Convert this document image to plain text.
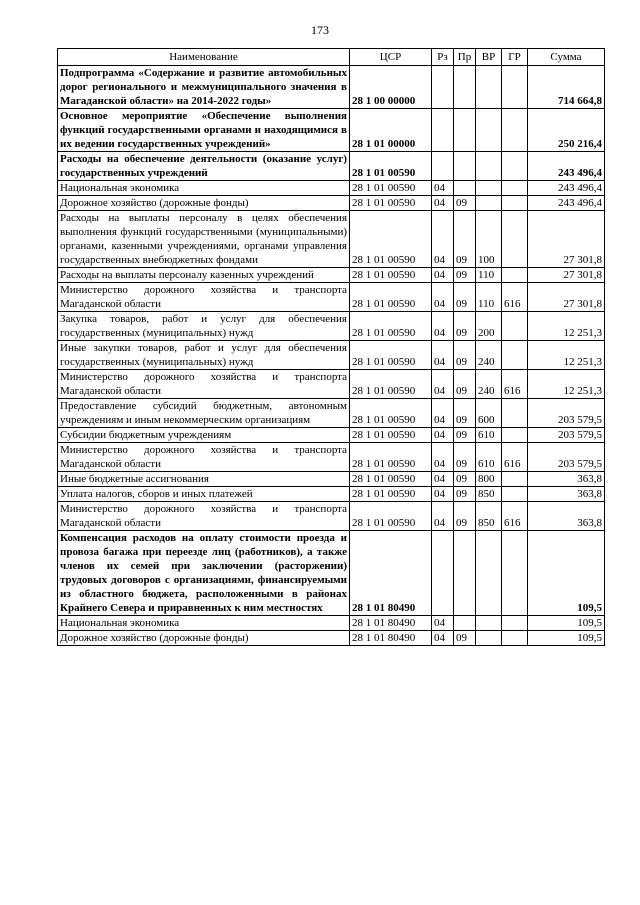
173
Наименование	ЦСР	Рз	Пр	ВР	ГР	Сумма
Подпрограмма «Содержание и развитие автомобильных дорог регионального и межмуниципального значения в Магаданской области» на 2014-2022 годы»	28 1 00 00000					714 664,8
Основное мероприятие «Обеспечение выполнения функций государственными органами и находящимися в их ведении государственных учреждений»	28 1 01 00000					250 216,4
Расходы на обеспечение деятельности (оказание услуг) государственных учреждений	28 1 01 00590					243 496,4
Национальная экономика	28 1 01 00590	04				243 496,4
Дорожное хозяйство (дорожные фонды)	28 1 01 00590	04	09			243 496,4
Расходы на выплаты персоналу в целях обеспечения выполнения функций государственными (муниципальными) органами, казенными учреждениями, органами управления государственных внебюджетных фондами	28 1 01 00590	04	09	100		27 301,8
Расходы на выплаты персоналу казенных учреждений	28 1 01 00590	04	09	110		27 301,8
Министерство дорожного хозяйства и транспорта Магаданской области	28 1 01 00590	04	09	110	616	27 301,8
Закупка товаров, работ и услуг для обеспечения государственных (муниципальных) нужд	28 1 01 00590	04	09	200		12 251,3
Иные закупки товаров, работ и услуг для обеспечения государственных (муниципальных) нужд	28 1 01 00590	04	09	240		12 251,3
Министерство дорожного хозяйства и транспорта Магаданской области	28 1 01 00590	04	09	240	616	12 251,3
Предоставление субсидий бюджетным, автономным учреждениям и иным некоммерческим организациям	28 1 01 00590	04	09	600		203 579,5
Субсидии бюджетным учреждениям	28 1 01 00590	04	09	610		203 579,5
Министерство дорожного хозяйства и транспорта Магаданской области	28 1 01 00590	04	09	610	616	203 579,5
Иные бюджетные ассигнования	28 1 01 00590	04	09	800		363,8
Уплата налогов, сборов и иных платежей	28 1 01 00590	04	09	850		363,8
Министерство дорожного хозяйства и транспорта Магаданской области	28 1 01 00590	04	09	850	616	363,8
Компенсация расходов на оплату стоимости проезда и провоза багажа при переезде лиц (работников), а также членов их семей при заключении (расторжении) трудовых договоров с организациями, финансируемыми из областного бюджета, расположенными в районах Крайнего Севера и приравненных к ним местностях	28 1 01 80490					109,5
Национальная экономика	28 1 01 80490	04				109,5
Дорожное хозяйство (дорожные фонды)	28 1 01 80490	04	09			109,5
